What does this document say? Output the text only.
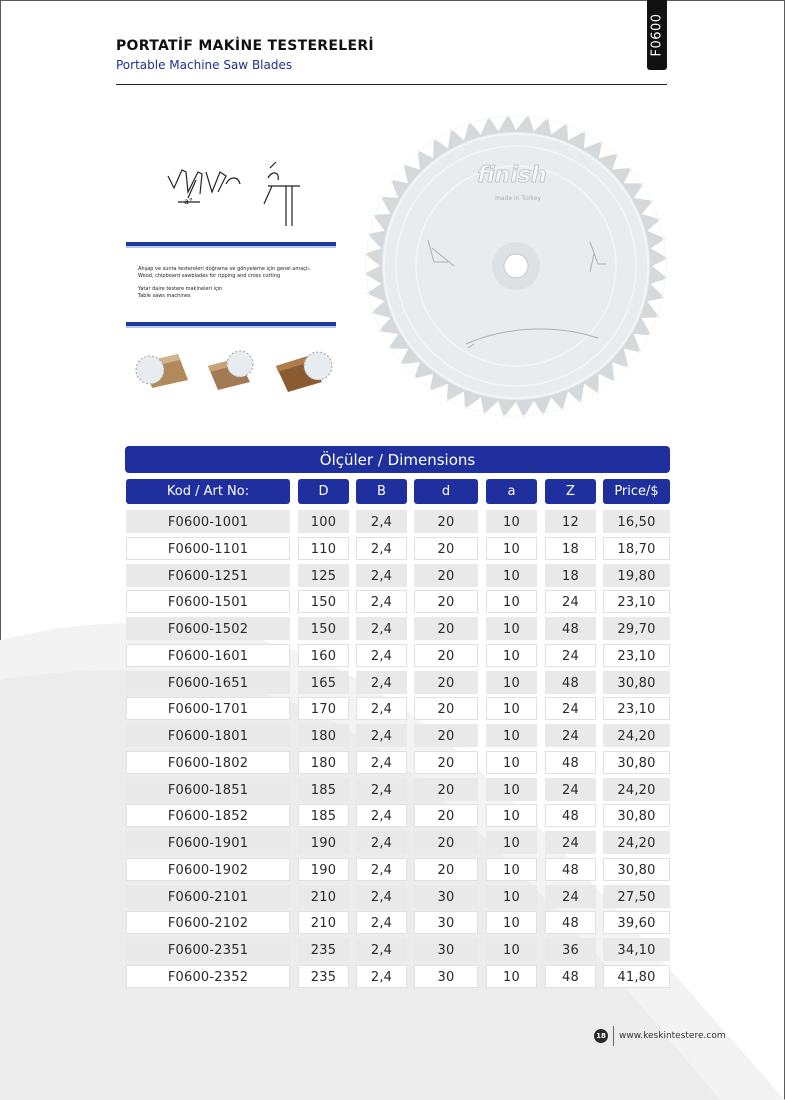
PORTATİF MAKİNE TESTERELERİ
Portable Machine Saw Blades
F0600
a°

Ahşap ve sunta testereleri doğrama ve gönyeleme için genel amaçlı.

Wood, chipboard sawblades for ripping and cross cutting

Yatar daire testere makineleri için

Table saws machines

finish
made in Turkey
Ölçüler / Dimensions
Kod / Art No:	D	B	d	a	Z	Price/$
F0600-1001	100	2,4	20	10	12	16,50
F0600-1101	110	2,4	20	10	18	18,70
F0600-1251	125	2,4	20	10	18	19,80
F0600-1501	150	2,4	20	10	24	23,10
F0600-1502	150	2,4	20	10	48	29,70
F0600-1601	160	2,4	20	10	24	23,10
F0600-1651	165	2,4	20	10	48	30,80
F0600-1701	170	2,4	20	10	24	23,10
F0600-1801	180	2,4	20	10	24	24,20
F0600-1802	180	2,4	20	10	48	30,80
F0600-1851	185	2,4	20	10	24	24,20
F0600-1852	185	2,4	20	10	48	30,80
F0600-1901	190	2,4	20	10	24	24,20
F0600-1902	190	2,4	20	10	48	30,80
F0600-2101	210	2,4	30	10	24	27,50
F0600-2102	210	2,4	30	10	48	39,60
F0600-2351	235	2,4	30	10	36	34,10
F0600-2352	235	2,4	30	10	48	41,80
18 www.keskintestere.com
